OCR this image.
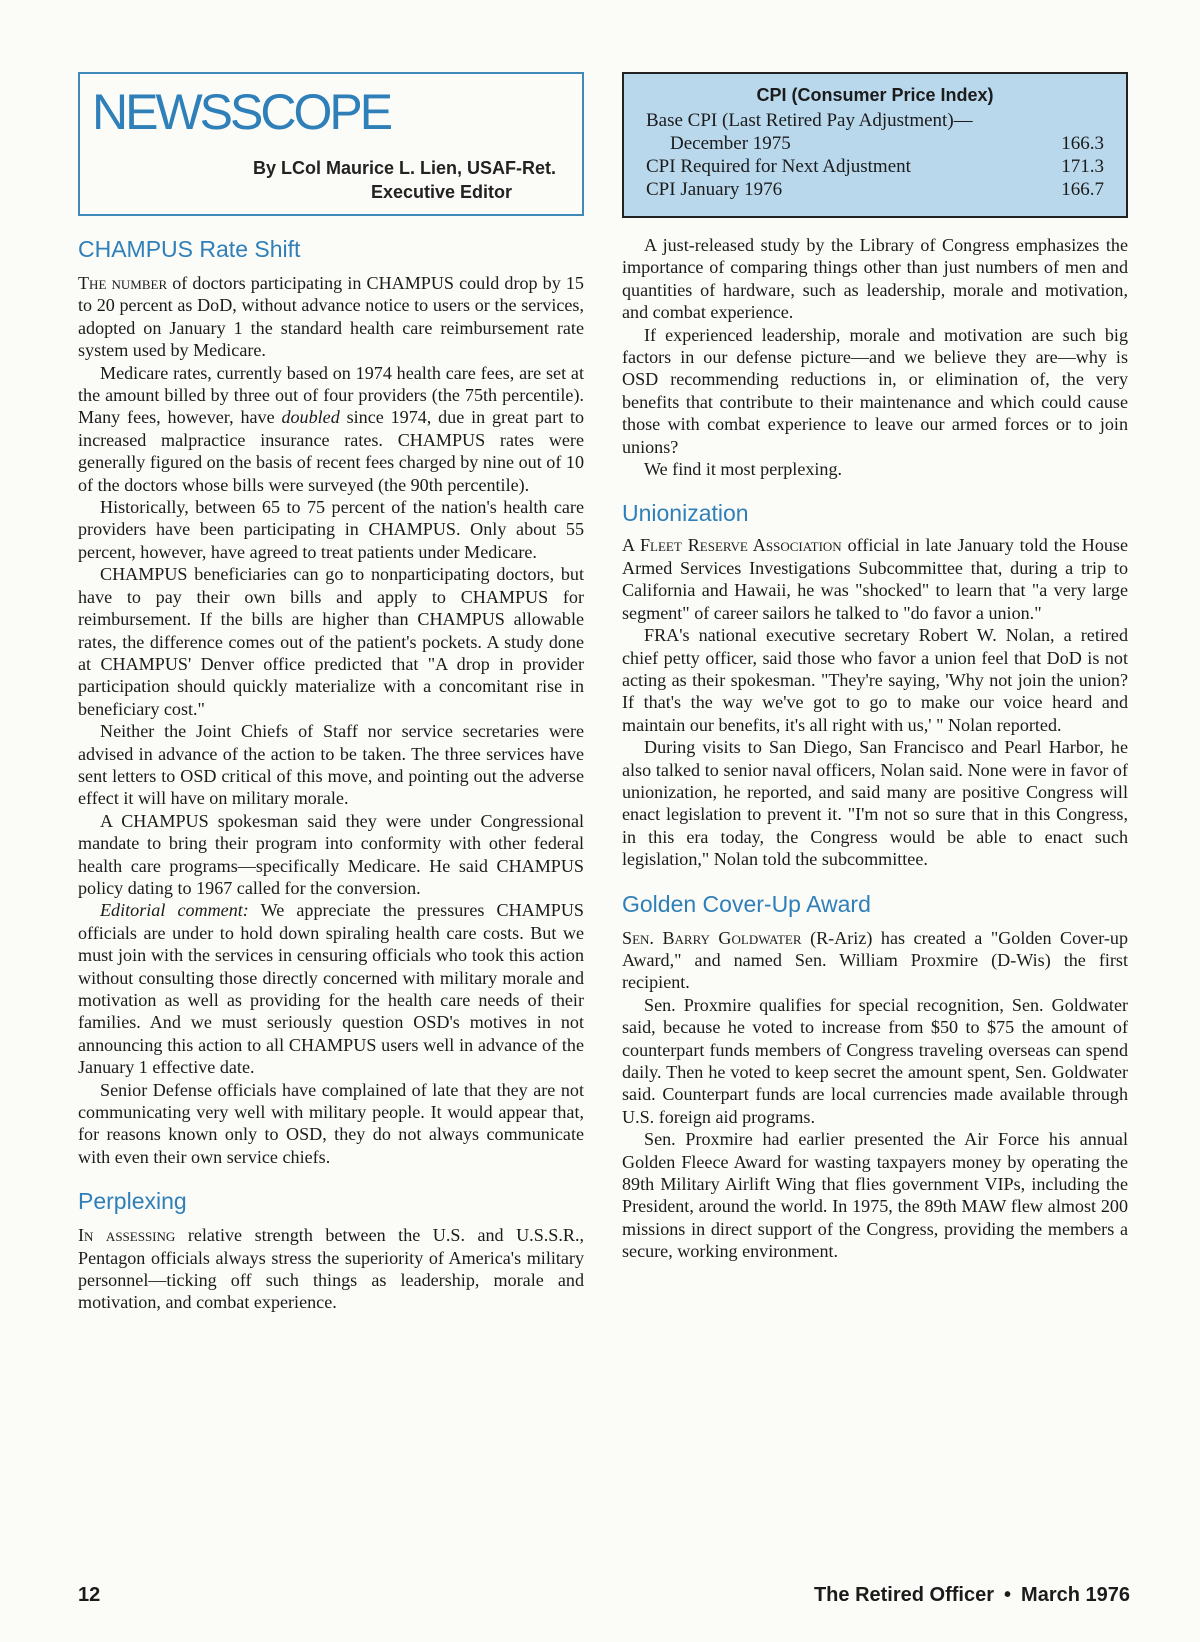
NEWSSCOPE
By LCol Maurice L. Lien, USAF-Ret.
Executive Editor
CHAMPUS Rate Shift

The number of doctors participating in CHAMPUS could drop by 15 to 20 percent as DoD, without advance notice to users or the services, adopted on January 1 the standard health care reimbursement rate system used by Medicare.

Medicare rates, currently based on 1974 health care fees, are set at the amount billed by three out of four providers (the 75th percentile). Many fees, however, have doubled since 1974, due in great part to increased malpractice insurance rates. CHAMPUS rates were generally figured on the basis of recent fees charged by nine out of 10 of the doctors whose bills were surveyed (the 90th percentile).

Historically, between 65 to 75 percent of the nation's health care providers have been participating in CHAMPUS. Only about 55 percent, however, have agreed to treat patients under Medicare.

CHAMPUS beneficiaries can go to nonparticipating doctors, but have to pay their own bills and apply to CHAMPUS for reimbursement. If the bills are higher than CHAMPUS allowable rates, the difference comes out of the patient's pockets. A study done at CHAMPUS' Denver office predicted that "A drop in provider participation should quickly materialize with a concomitant rise in beneficiary cost."

Neither the Joint Chiefs of Staff nor service secretaries were advised in advance of the action to be taken. The three services have sent letters to OSD critical of this move, and pointing out the adverse effect it will have on military morale.

A CHAMPUS spokesman said they were under Congressional mandate to bring their program into conformity with other federal health care programs—specifically Medicare. He said CHAMPUS policy dating to 1967 called for the conversion.

Editorial comment: We appreciate the pressures CHAMPUS officials are under to hold down spiraling health care costs. But we must join with the services in censuring officials who took this action without consulting those directly concerned with military morale and motivation as well as providing for the health care needs of their families. And we must seriously question OSD's motives in not announcing this action to all CHAMPUS users well in advance of the January 1 effective date.

Senior Defense officials have complained of late that they are not communicating very well with military people. It would appear that, for reasons known only to OSD, they do not always communicate with even their own service chiefs.

Perplexing

In assessing relative strength between the U.S. and U.S.S.R., Pentagon officials always stress the superiority of America's military personnel—ticking off such things as leadership, morale and motivation, and combat experience.

CPI (Consumer Price Index)
Base CPI (Last Retired Pay Adjustment)—
December 1975	166.3
CPI Required for Next Adjustment	171.3
CPI January 1976	166.7

A just-released study by the Library of Congress emphasizes the importance of comparing things other than just numbers of men and quantities of hardware, such as leadership, morale and motivation, and combat experience.

If experienced leadership, morale and motivation are such big factors in our defense picture—and we believe they are—why is OSD recommending reductions in, or elimination of, the very benefits that contribute to their maintenance and which could cause those with combat experience to leave our armed forces or to join unions?

We find it most perplexing.

Unionization

A Fleet Reserve Association official in late January told the House Armed Services Investigations Subcommittee that, during a trip to California and Hawaii, he was "shocked" to learn that "a very large segment" of career sailors he talked to "do favor a union."

FRA's national executive secretary Robert W. Nolan, a retired chief petty officer, said those who favor a union feel that DoD is not acting as their spokesman. "They're saying, 'Why not join the union? If that's the way we've got to go to make our voice heard and maintain our benefits, it's all right with us,' " Nolan reported.

During visits to San Diego, San Francisco and Pearl Harbor, he also talked to senior naval officers, Nolan said. None were in favor of unionization, he reported, and said many are positive Congress will enact legislation to prevent it. "I'm not so sure that in this Congress, in this era today, the Congress would be able to enact such legislation," Nolan told the subcommittee.

Golden Cover-Up Award

Sen. Barry Goldwater (R-Ariz) has created a "Golden Cover-up Award," and named Sen. William Proxmire (D-Wis) the first recipient.

Sen. Proxmire qualifies for special recognition, Sen. Goldwater said, because he voted to increase from $50 to $75 the amount of counterpart funds members of Congress traveling overseas can spend daily. Then he voted to keep secret the amount spent, Sen. Goldwater said. Counterpart funds are local currencies made available through U.S. foreign aid programs.

Sen. Proxmire had earlier presented the Air Force his annual Golden Fleece Award for wasting taxpayers money by operating the 89th Military Airlift Wing that flies government VIPs, including the President, around the world. In 1975, the 89th MAW flew almost 200 missions in direct support of the Congress, providing the members a secure, working environment.

12	The Retired Officer • March 1976
